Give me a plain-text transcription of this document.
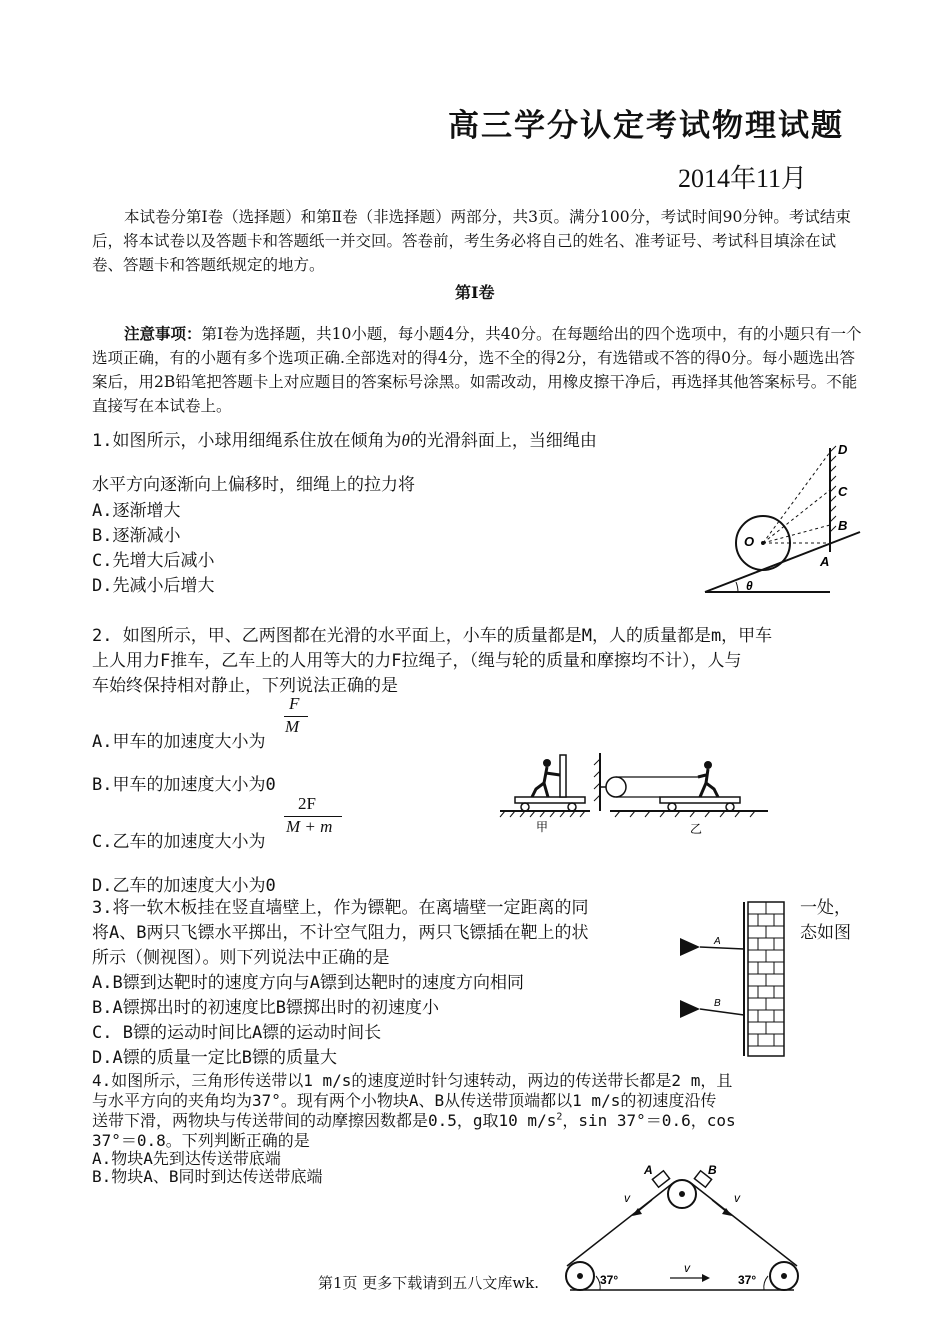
高三学分认定考试物理试题
2014年11月
本试卷分第Ⅰ卷（选择题）和第Ⅱ卷（非选择题）两部分，共3页。满分100分，考试时间90分钟。考试结束后，将本试卷以及答题卡和答题纸一并交回。答卷前，考生务必将自己的姓名、准考证号、考试科目填涂在试卷、答题卡和答题纸规定的地方。
第Ⅰ卷
注意事项：第Ⅰ卷为选择题，共10小题，每小题4分，共40分。在每题给出的四个选项中，有的小题只有一个选项正确，有的小题有多个选项正确.全部选对的得4分，选不全的得2分，有选错或不答的得0分。每小题选出答案后，用2B铅笔把答题卡上对应题目的答案标号涂黑。如需改动，用橡皮擦干净后，再选择其他答案标号。不能直接写在本试卷上。
1.如图所示，小球用细绳系住放在倾角为θ的光滑斜面上，当细绳由
水平方向逐渐向上偏移时，细绳上的拉力将
A.逐渐增大
B.逐渐减小
C.先增大后减小
D.先减小后增大
D
C
B
A
O
θ
2. 如图所示，甲、乙两图都在光滑的水平面上，小车的质量都是M，人的质量都是m，甲车
上人用力F推车，乙车上的人用等大的力F拉绳子，（绳与轮的质量和摩擦均不计），人与
车始终保持相对静止，下列说法正确的是
A.甲车的加速度大小为
F
M
B.甲车的加速度大小为0
C.乙车的加速度大小为
2F
M + m
D.乙车的加速度大小为0
甲	乙
3.将一软木板挂在竖直墙壁上，作为镖靶。在离墙壁一定距离的同	一处，
将A、B两只飞镖水平掷出，不计空气阻力，两只飞镖插在靶上的状	态如图
所示（侧视图）。则下列说法中正确的是
A.B镖到达靶时的速度方向与A镖到达靶时的速度方向相同
B.A镖掷出时的初速度比B镖掷出时的初速度小
C. B镖的运动时间比A镖的运动时间长
D.A镖的质量一定比B镖的质量大
A
B
4.如图所示，三角形传送带以1 m/s的速度逆时针匀速转动，两边的传送带长都是2 m，且
与水平方向的夹角均为37°。现有两个小物块A、B从传送带顶端都以1 m/s的初速度沿传
送带下滑，两物块与传送带间的动摩擦因数都是0.5，g取10 $m/s^2$，sin 37°＝0.6，cos
37°＝0.8。下列判断正确的是
A.物块A先到达传送带底端
B.物块A、B同时到达传送带底端	A	B
v	v
v
37°	37°
第1页 更多下载请到五八文库wk.
